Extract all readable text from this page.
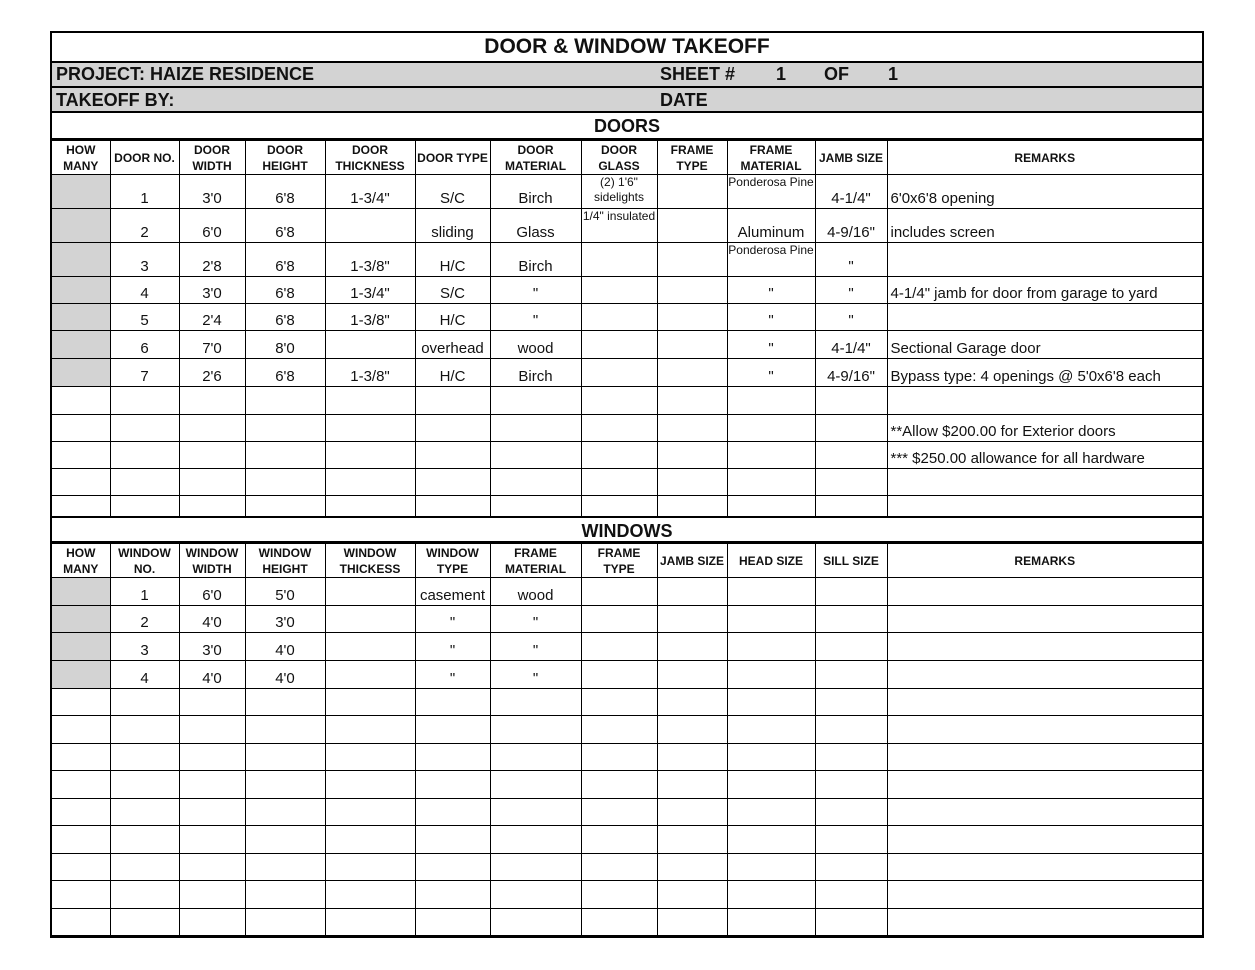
DOOR & WINDOW TAKEOFF
PROJECT: HAIZE RESIDENCE	SHEET # 1 OF 1
TAKEOFF BY:	DATE
DOORS
HOW MANY	DOOR NO.	DOOR WIDTH	DOOR HEIGHT	DOOR THICKNESS	DOOR TYPE	DOOR MATERIAL	DOOR GLASS	FRAME TYPE	FRAME MATERIAL	JAMB SIZE	REMARKS
	1	3'0	6'8	1-3/4"	S/C	Birch	(2) 1'6" sidelights		Ponderosa Pine	4-1/4"	6'0x6'8 opening
	2	6'0	6'8		sliding	Glass	1/4" insulated		Aluminum	4-9/16"	includes screen
	3	2'8	6'8	1-3/8"	H/C	Birch			Ponderosa Pine	"	
	4	3'0	6'8	1-3/4"	S/C	"			"	"	4-1/4" jamb for door from garage to yard
	5	2'4	6'8	1-3/8"	H/C	"			"	"	
	6	7'0	8'0		overhead	wood			"	4-1/4"	Sectional Garage door
	7	2'6	6'8	1-3/8"	H/C	Birch			"	4-9/16"	Bypass type: 4 openings @ 5'0x6'8 each

											**Allow $200.00 for Exterior doors
											*** $250.00 allowance for all hardware

WINDOWS
HOW MANY	WINDOW NO.	WINDOW WIDTH	WINDOW HEIGHT	WINDOW THICKESS	WINDOW TYPE	FRAME MATERIAL	FRAME TYPE	JAMB SIZE	HEAD SIZE	SILL SIZE	REMARKS
	1	6'0	5'0		casement	wood					
	2	4'0	3'0		"	"					
	3	3'0	4'0		"	"					
	4	4'0	4'0		"	"					
